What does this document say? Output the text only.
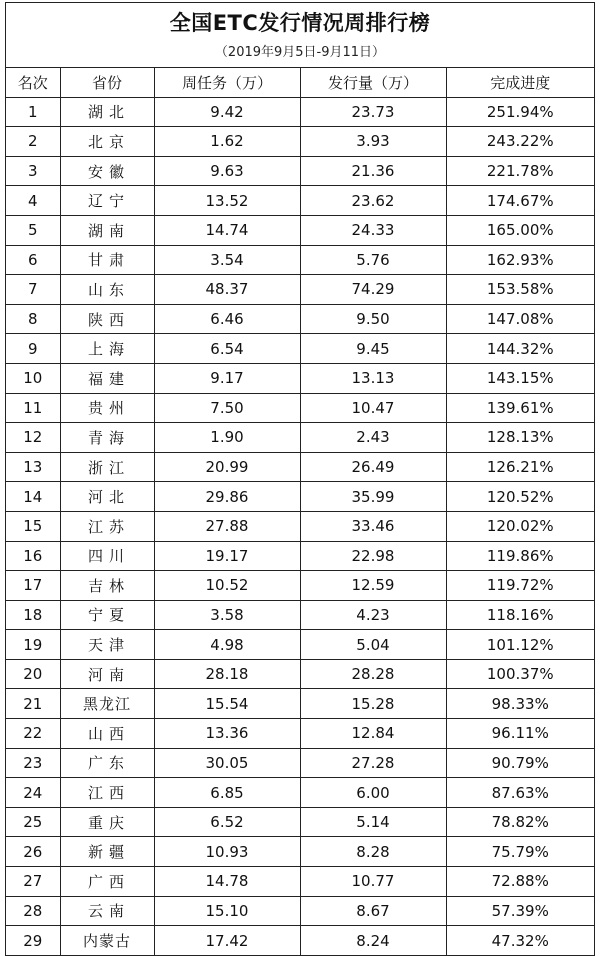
全国ETC发行情况周排行榜
（2019年9月5日-9月11日）
名次	省份	周任务（万）	发行量（万）	完成进度
1	湖北	9.42	23.73	251.94%
2	北京	1.62	3.93	243.22%
3	安徽	9.63	21.36	221.78%
4	辽宁	13.52	23.62	174.67%
5	湖南	14.74	24.33	165.00%
6	甘肃	3.54	5.76	162.93%
7	山东	48.37	74.29	153.58%
8	陕西	6.46	9.50	147.08%
9	上海	6.54	9.45	144.32%
10	福建	9.17	13.13	143.15%
11	贵州	7.50	10.47	139.61%
12	青海	1.90	2.43	128.13%
13	浙江	20.99	26.49	126.21%
14	河北	29.86	35.99	120.52%
15	江苏	27.88	33.46	120.02%
16	四川	19.17	22.98	119.86%
17	吉林	10.52	12.59	119.72%
18	宁夏	3.58	4.23	118.16%
19	天津	4.98	5.04	101.12%
20	河南	28.18	28.28	100.37%
21	黑龙江	15.54	15.28	98.33%
22	山西	13.36	12.84	96.11%
23	广东	30.05	27.28	90.79%
24	江西	6.85	6.00	87.63%
25	重庆	6.52	5.14	78.82%
26	新疆	10.93	8.28	75.79%
27	广西	14.78	10.77	72.88%
28	云南	15.10	8.67	57.39%
29	内蒙古	17.42	8.24	47.32%
